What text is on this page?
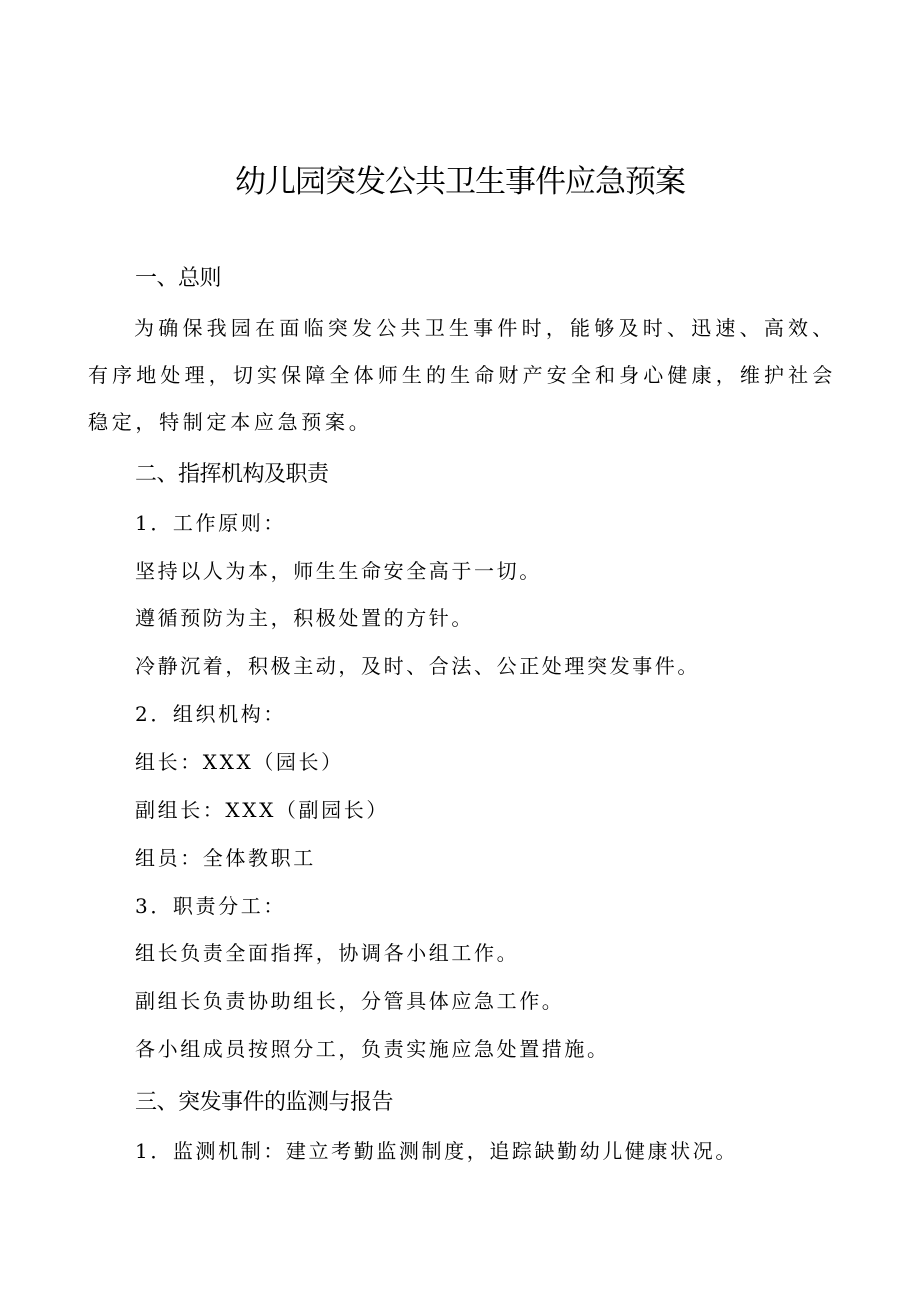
幼儿园突发公共卫生事件应急预案
一、总则

为确保我园在面临突发公共卫生事件时，能够及时、迅速、高效、有序地处理，切实保障全体师生的生命财产安全和身心健康，维护社会稳定，特制定本应急预案。

二、指挥机构及职责

1．工作原则：

坚持以人为本，师生生命安全高于一切。

遵循预防为主，积极处置的方针。

冷静沉着，积极主动，及时、合法、公正处理突发事件。

2．组织机构：

组长：XXX（园长）

副组长：XXX（副园长）

组员：全体教职工

3．职责分工：

组长负责全面指挥，协调各小组工作。

副组长负责协助组长，分管具体应急工作。

各小组成员按照分工，负责实施应急处置措施。

三、突发事件的监测与报告

1．监测机制：建立考勤监测制度，追踪缺勤幼儿健康状况。
